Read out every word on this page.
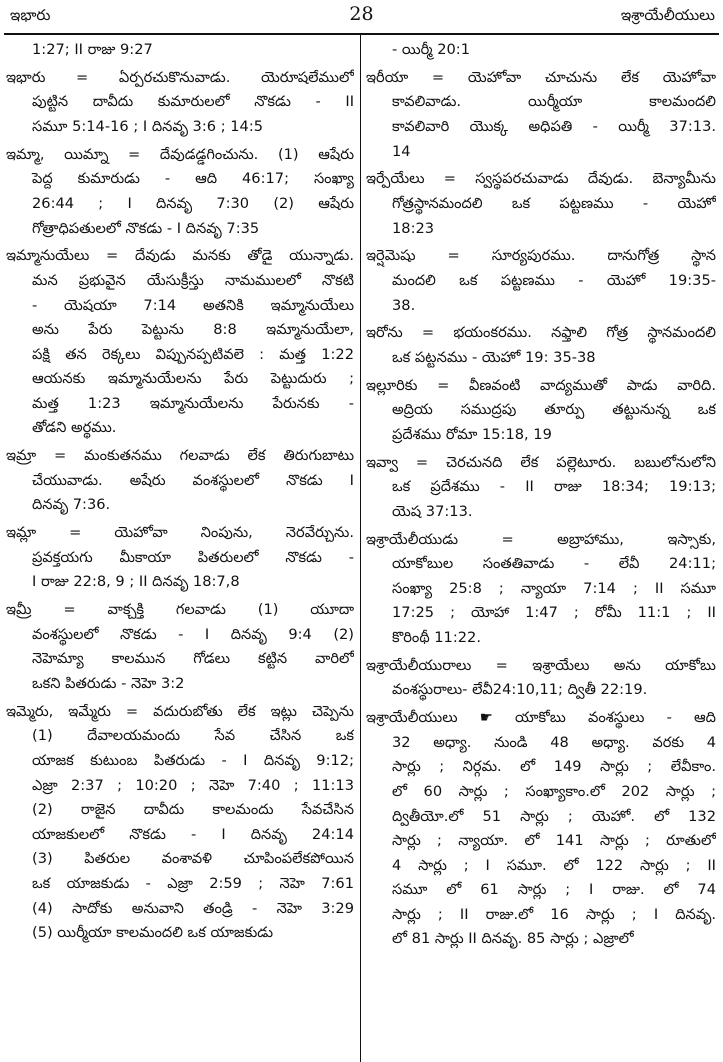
ఇభారు	28	ఇశ్రాయేలీయులు
1:27; II రాజు 9:27
ఇభారు = ఏర్పరచుకొనువాడు. యెరూషలేములో
పుట్టిన దావీదు కుమారులలో నొకడు - II
సమూ 5:14-16 ; I దినవృ 3:6 ; 14:5
ఇమ్మా, యిమ్నా = దేవుడడ్డగించును. (1) ఆషేరు
పెద్ద కుమారుడు - ఆది 46:17; సంఖ్యా
26:44 ; I దినవృ 7:30 (2) ఆషేరు
గోత్రాధిపతులలో నొకడు - I దినవృ 7:35
ఇమ్మానుయేలు = దేవుడు మనకు తోడై యున్నాడు.
మన ప్రభువైన యేసుక్రీస్తు నామములలో నొకటి
- యెషయా 7:14 అతనికి ఇమ్మానుయేలు
అను పేరు పెట్టును 8:8 ఇమ్మానుయేలా,
పక్షి తన రెక్కలు విప్పునప్పటివలె : మత్త 1:22
ఆయనకు ఇమ్మానుయేలను పేరు పెట్టుదురు ;
మత్త 1:23 ఇమ్మానుయేలను పేరునకు -
తోడని అర్థము.
ఇమ్రా = మంకుతనము గలవాడు లేక తిరుగుబాటు
చేయువాడు. అషేరు వంశస్థులలో నొకడు I
దినవృ 7:36.
ఇమ్లా = యెహోవా నింపును, నెరవేర్చును.
ప్రవక్తయగు మీకాయా పితరులలో నొకడు -
I రాజు 22:8, 9 ; II దినవృ 18:7,8
ఇమ్రీ = వాక్చక్తి గలవాడు (1) యూదా
వంశస్థులలో నొకడు - I దినవృ 9:4 (2)
నెహెమ్యా కాలమున గోడలు కట్టిన వారిలో
ఒకని పితరుడు - నెహె 3:2
ఇమ్మెరు, ఇమ్మేరు = వదురుబోతు లేక ఇట్లు చెప్పెను
(1) దేవాలయమందు సేవ చేసిన ఒక
యాజక కుటుంబ పితరుడు - I దినవృ 9:12;
ఎజ్రా 2:37 ; 10:20 ; నెహె 7:40 ; 11:13
(2) రాజైన దావీదు కాలమందు సేవచేసిన
యాజకులలో నొకడు - I దినవృ 24:14
(3) పితరుల వంశావళి చూపింపలేకపోయిన
ఒక యాజకుడు - ఎజ్రా 2:59 ; నెహె 7:61
(4) సాదోకు అనువాని తండ్రి - నెహె 3:29
(5) యిర్మీయా కాలమందలి ఒక యాజకుడు
- యిర్మీ 20:1
ఇరీయా = యెహోవా చూచును లేక యెహోవా
కావలివాడు. యిర్మీయా కాలమందలి
కావలివారి యొక్క అధిపతి - యిర్మీ 37:13.
14
ఇర్పేయేలు = స్వస్థపరచువాడు దేవుడు. బెన్యామీను
గోత్రస్థానమందలి ఒక పట్టణము - యెహో
18:23
ఇర్షెమెషు = సూర్యపురము. దానుగోత్ర స్థాన
మందలి ఒక పట్టణము - యెహో 19:35-
38.
ఇరోను = భయంకరము. నఫ్తాలి గోత్ర స్థానమందలి
ఒక పట్టనము - యెహో 19: 35-38
ఇల్లూరికు = వీణవంటి వాద్యముతో పాడు వారిది.
అద్రియ సముద్రపు తూర్పు తట్టునున్న ఒక
ప్రదేశము రోమా 15:18, 19
ఇవ్వా = చెరచునది లేక పల్లెటూరు. బబులోనులోని
ఒక ప్రదేశము - II రాజు 18:34; 19:13;
యెష 37:13.
ఇశ్రాయేలీయుడు = అబ్రాహాము, ఇస్సాకు,
యాకోబుల సంతతివాడు - లేవీ 24:11;
సంఖ్యా 25:8 ; న్యాయా 7:14 ; II సమూ
17:25 ; యోహా 1:47 ; రోమీ 11:1 ; II
కొరింథీ 11:22.
ఇశ్రాయేలీయురాలు = ఇశ్రాయేలు అను యాకోబు
వంశస్థురాలు- లేవీ24:10,11; ద్వితీ 22:19.
ఇశ్రాయేలీయులు ☛ యాకోబు వంశస్థులు - ఆది
32 అధ్యా. నుండి 48 అధ్యా. వరకు 4
సార్లు ; నిర్గమ. లో 149 సార్లు ; లేవీకాం.
లో 60 సార్లు ; సంఖ్యాకాం.లో 202 సార్లు ;
ద్వితీయో.లో 51 సార్లు ; యెహో. లో 132
సార్లు ; న్యాయా. లో 141 సార్లు ; రూతులో
4 సార్లు ; I సమూ. లో 122 సార్లు ; II
సమూ లో 61 సార్లు ; I రాజు. లో 74
సార్లు ; II రాజు.లో 16 సార్లు ; I దినవృ.
లో 81 సార్లు II దినవృ. 85 సార్లు ; ఎజ్రాలో
